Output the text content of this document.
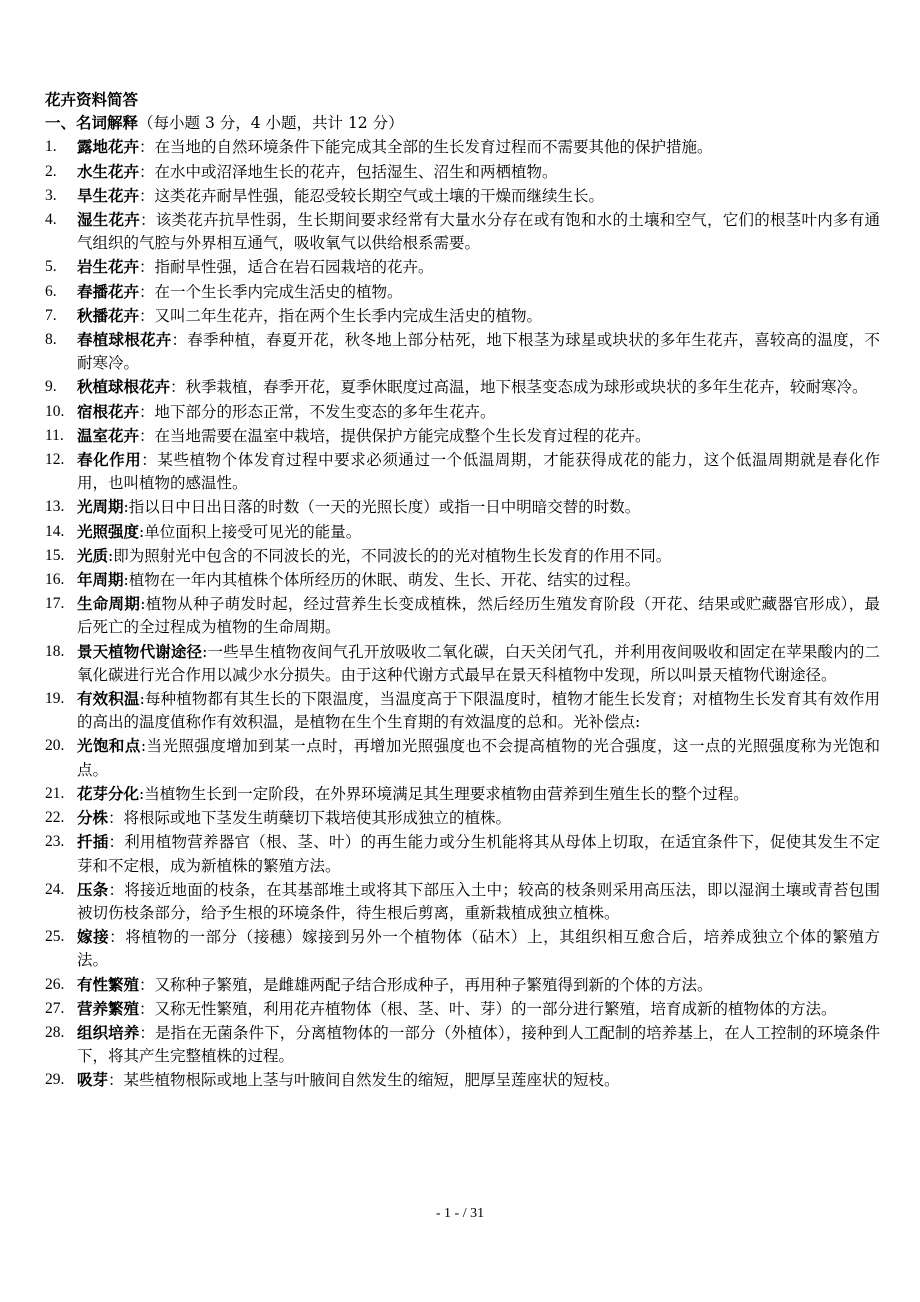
花卉资料简答
一、名词解释（每小题 3 分，4 小题，共计 12 分）
1. 露地花卉：在当地的自然环境条件下能完成其全部的生长发育过程而不需要其他的保护措施。
2. 水生花卉：在水中或沼泽地生长的花卉，包括湿生、沼生和两栖植物。
3. 旱生花卉：这类花卉耐旱性强，能忍受较长期空气或土壤的干燥而继续生长。
4. 湿生花卉：该类花卉抗旱性弱，生长期间要求经常有大量水分存在或有饱和水的土壤和空气，它们的根茎叶内多有通气组织的气腔与外界相互通气，吸收氧气以供给根系需要。
5. 岩生花卉：指耐旱性强，适合在岩石园栽培的花卉。
6. 春播花卉：在一个生长季内完成生活史的植物。
7. 秋播花卉：又叫二年生花卉，指在两个生长季内完成生活史的植物。
8. 春植球根花卉：春季种植，春夏开花，秋冬地上部分枯死，地下根茎为球星或块状的多年生花卉，喜较高的温度，不耐寒冷。
9. 秋植球根花卉：秋季栽植，春季开花，夏季休眠度过高温，地下根茎变态成为球形或块状的多年生花卉，较耐寒冷。
10. 宿根花卉：地下部分的形态正常，不发生变态的多年生花卉。
11. 温室花卉：在当地需要在温室中栽培，提供保护方能完成整个生长发育过程的花卉。
12. 春化作用：某些植物个体发育过程中要求必须通过一个低温周期，才能获得成花的能力，这个低温周期就是春化作用，也叫植物的感温性。
13. 光周期:指以日中日出日落的时数（一天的光照长度）或指一日中明暗交替的时数。
14. 光照强度:单位面积上接受可见光的能量。
15. 光质:即为照射光中包含的不同波长的光，不同波长的的光对植物生长发育的作用不同。
16. 年周期:植物在一年内其植株个体所经历的休眠、萌发、生长、开花、结实的过程。
17. 生命周期:植物从种子萌发时起，经过营养生长变成植株，然后经历生殖发育阶段（开花、结果或贮藏器官形成），最后死亡的全过程成为植物的生命周期。
18. 景天植物代谢途径:一些旱生植物夜间气孔开放吸收二氧化碳，白天关闭气孔，并利用夜间吸收和固定在苹果酸内的二氧化碳进行光合作用以减少水分损失。由于这种代谢方式最早在景天科植物中发现，所以叫景天植物代谢途径。
19. 有效积温:每种植物都有其生长的下限温度，当温度高于下限温度时，植物才能生长发育；对植物生长发育其有效作用的高出的温度值称作有效积温，是植物在生个生育期的有效温度的总和。光补偿点:
20. 光饱和点:当光照强度增加到某一点时，再增加光照强度也不会提高植物的光合强度，这一点的光照强度称为光饱和点。
21. 花芽分化:当植物生长到一定阶段，在外界环境满足其生理要求植物由营养到生殖生长的整个过程。
22. 分株：将根际或地下茎发生萌蘖切下栽培使其形成独立的植株。
23. 扦插：利用植物营养器官（根、茎、叶）的再生能力或分生机能将其从母体上切取，在适宜条件下，促使其发生不定芽和不定根，成为新植株的繁殖方法。
24. 压条：将接近地面的枝条，在其基部堆土或将其下部压入土中；较高的枝条则采用高压法，即以湿润土壤或青苔包围被切伤枝条部分，给予生根的环境条件，待生根后剪离，重新栽植成独立植株。
25. 嫁接：将植物的一部分（接穗）嫁接到另外一个植物体（砧木）上，其组织相互愈合后，培养成独立个体的繁殖方法。
26. 有性繁殖：又称种子繁殖，是雌雄两配子结合形成种子，再用种子繁殖得到新的个体的方法。
27. 营养繁殖：又称无性繁殖，利用花卉植物体（根、茎、叶、芽）的一部分进行繁殖，培育成新的植物体的方法。
28. 组织培养：是指在无菌条件下，分离植物体的一部分（外植体），接种到人工配制的培养基上，在人工控制的环境条件下，将其产生完整植株的过程。
29. 吸芽：某些植物根际或地上茎与叶腋间自然发生的缩短，肥厚呈莲座状的短枝。
- 1 - / 31
